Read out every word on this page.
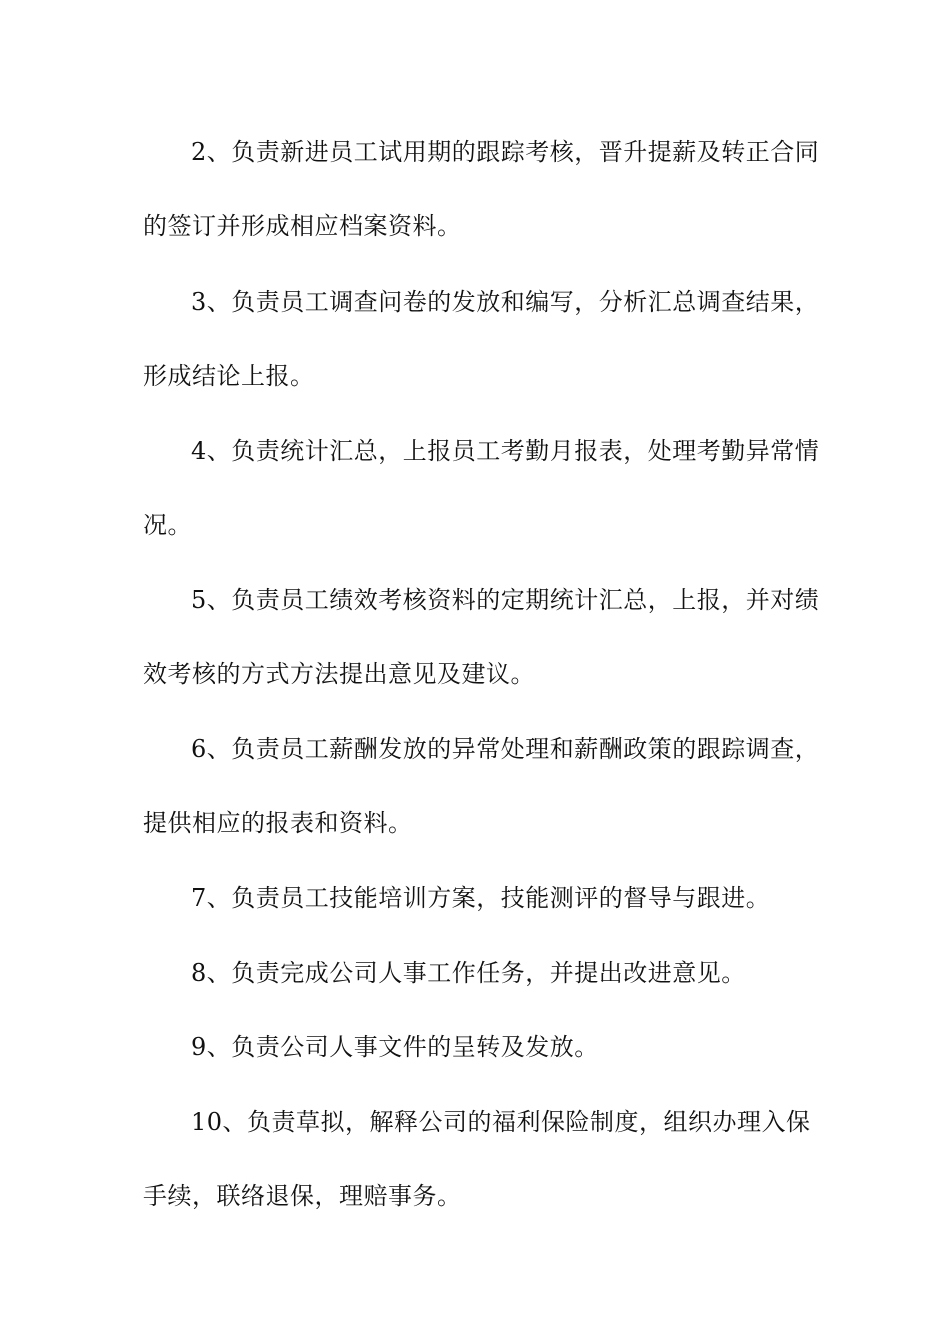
2、负责新进员工试用期的跟踪考核，晋升提薪及转正合同
的签订并形成相应档案资料。
3、负责员工调查问卷的发放和编写，分析汇总调查结果，
形成结论上报。
4、负责统计汇总，上报员工考勤月报表，处理考勤异常情
况。
5、负责员工绩效考核资料的定期统计汇总，上报，并对绩
效考核的方式方法提出意见及建议。
6、负责员工薪酬发放的异常处理和薪酬政策的跟踪调查，
提供相应的报表和资料。
7、负责员工技能培训方案，技能测评的督导与跟进。
8、负责完成公司人事工作任务，并提出改进意见。
9、负责公司人事文件的呈转及发放。
10、负责草拟，解释公司的福利保险制度，组织办理入保
手续，联络退保，理赔事务。
